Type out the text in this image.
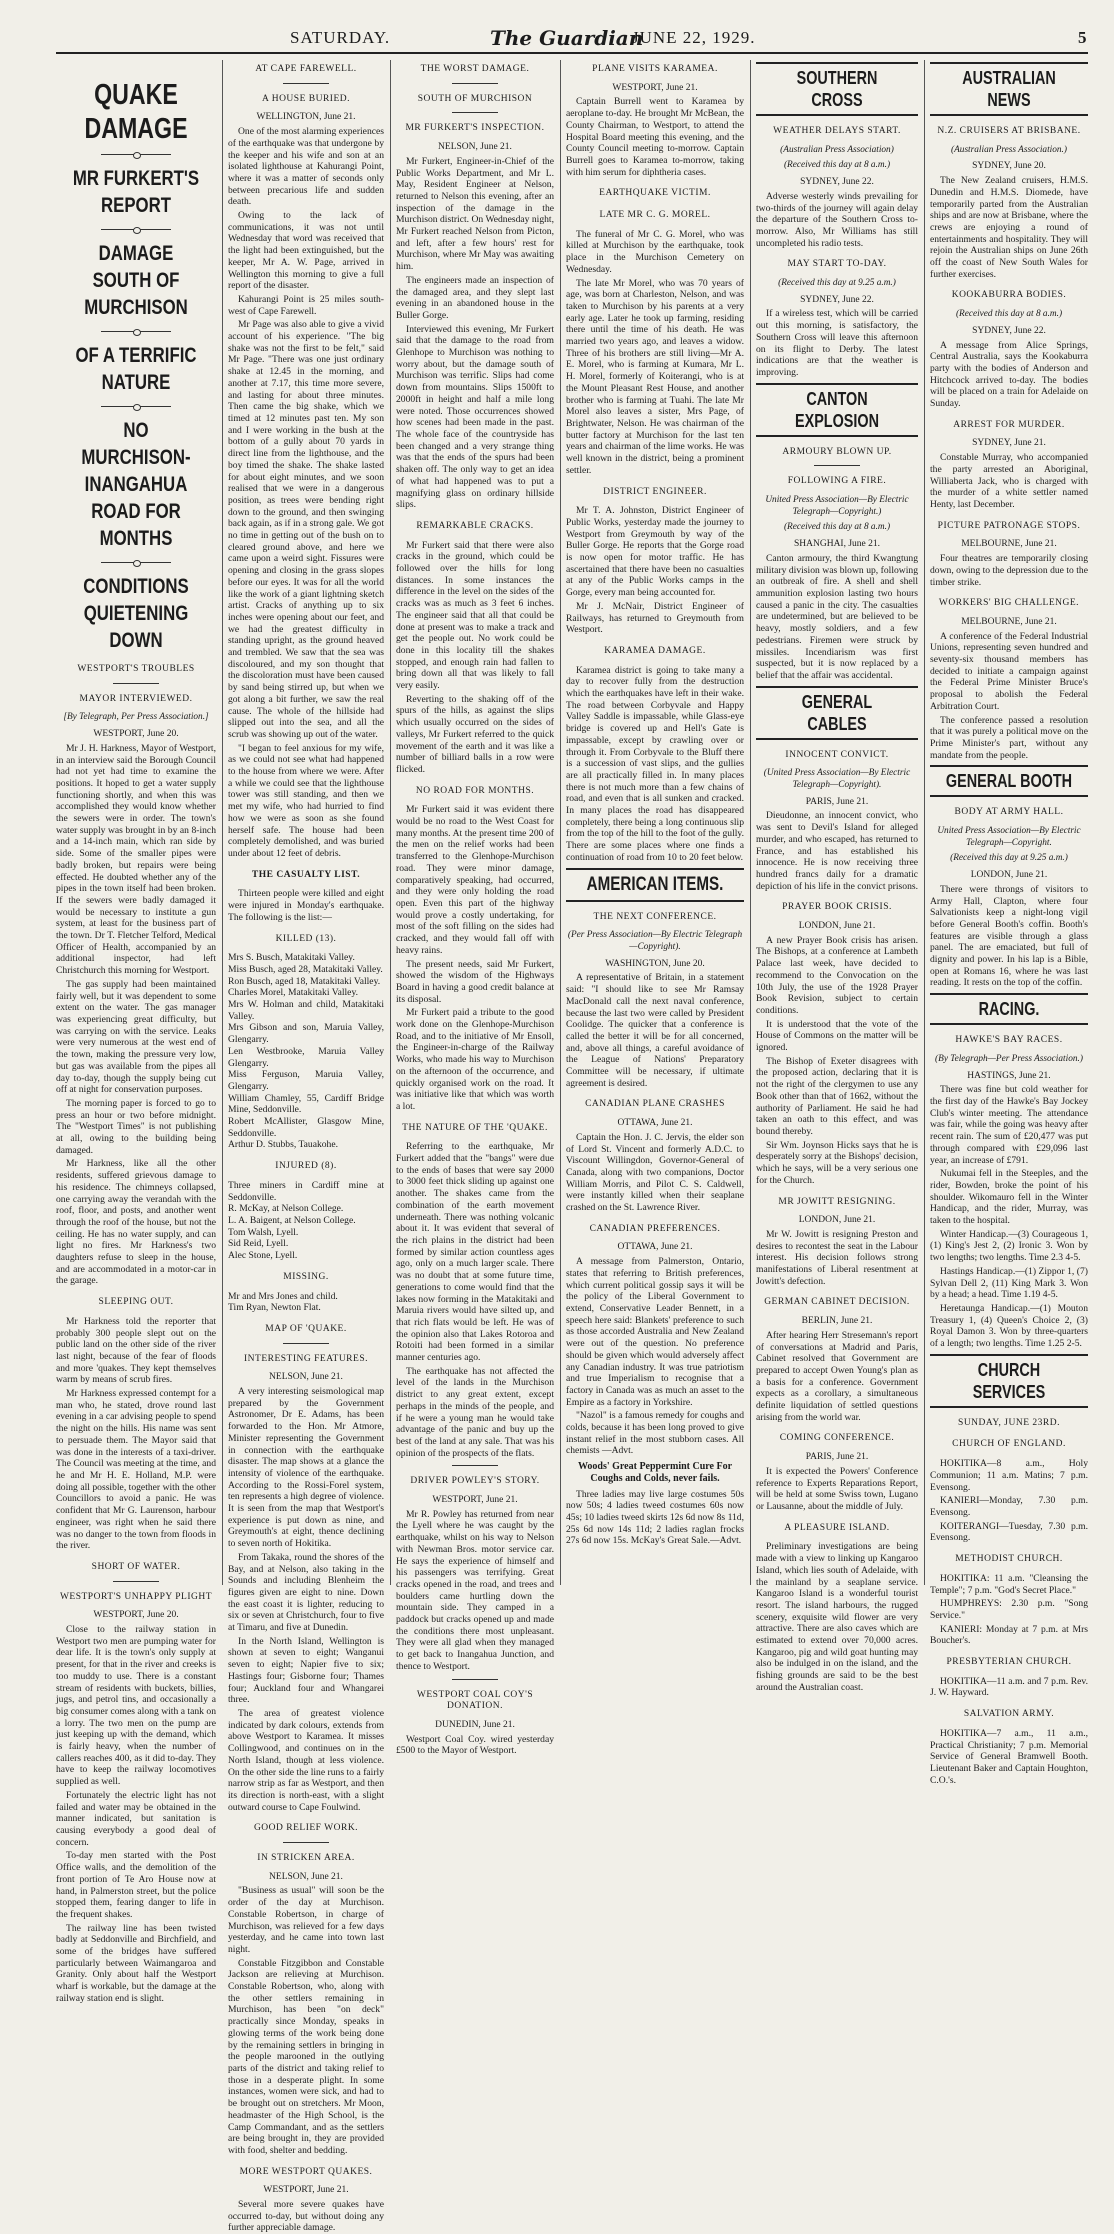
SATURDAY.	The Guardian
JUNE 22, 1929.	5
QUAKE DAMAGE
MR FURKERT'S REPORT
DAMAGE SOUTH OF MURCHISON
OF A TERRIFIC NATURE
NO MURCHISON-INANGAHUA ROAD FOR MONTHS
CONDITIONS QUIETENING DOWN
WESTPORT'S TROUBLES
MAYOR INTERVIEWED.
[By Telegraph, Per Press Association.]
WESTPORT, June 20.

Mr J. H. Harkness, Mayor of Westport, in an interview said the Borough Council had not yet had time to examine the positions. It hoped to get a water supply functioning shortly, and when this was accomplished they would know whether the sewers were in order. The town's water supply was brought in by an 8-inch and a 14-inch main, which ran side by side. Some of the smaller pipes were badly broken, but repairs were being effected. He doubted whether any of the pipes in the town itself had been broken. If the sewers were badly damaged it would be necessary to institute a gun system, at least for the business part of the town. Dr T. Fletcher Telford, Medical Officer of Health, accompanied by an additional inspector, had left Christchurch this morning for Westport.

The gas supply had been maintained fairly well, but it was dependent to some extent on the water. The gas manager was experiencing great difficulty, but was carrying on with the service. Leaks were very numerous at the west end of the town, making the pressure very low, but gas was available from the pipes all day to-day, though the supply being cut off at night for conservation purposes.

The morning paper is forced to go to press an hour or two before midnight. The "Westport Times" is not publishing at all, owing to the building being damaged.

Mr Harkness, like all the other residents, suffered grievous damage to his residence. The chimneys collapsed, one carrying away the verandah with the roof, floor, and posts, and another went through the roof of the house, but not the ceiling. He has no water supply, and can light no fires. Mr Harkness's two daughters refuse to sleep in the house, and are accommodated in a motor-car in the garage.

SLEEPING OUT.

Mr Harkness told the reporter that probably 300 people slept out on the public land on the other side of the river last night, because of the fear of floods and more 'quakes. They kept themselves warm by means of scrub fires.

Mr Harkness expressed contempt for a man who, he stated, drove round last evening in a car advising people to spend the night on the hills. His name was sent to persuade them. The Mayor said that was done in the interests of a taxi-driver. The Council was meeting at the time, and he and Mr H. E. Holland, M.P. were doing all possible, together with the other Councillors to avoid a panic. He was confident that Mr G. Laurenson, harbour engineer, was right when he said there was no danger to the town from floods in the river.

SHORT OF WATER.
WESTPORT'S UNHAPPY PLIGHT
WESTPORT, June 20.

Close to the railway station in Westport two men are pumping water for dear life. It is the town's only supply at present, for that in the river and creeks is too muddy to use. There is a constant stream of residents with buckets, billies, jugs, and petrol tins, and occasionally a big consumer comes along with a tank on a lorry. The two men on the pump are just keeping up with the demand, which is fairly heavy, when the number of callers reaches 400, as it did to-day. They have to keep the railway locomotives supplied as well.

Fortunately the electric light has not failed and water may be obtained in the manner indicated, but sanitation is causing everybody a good deal of concern.

To-day men started with the Post Office walls, and the demolition of the front portion of Te Aro House now at hand, in Palmerston street, but the police stopped them, fearing danger to life in the frequent shakes.

The railway line has been twisted badly at Seddonville and Birchfield, and some of the bridges have suffered particularly between Waimangaroa and Granity. Only about half the Westport wharf is workable, but the damage at the railway station end is slight.

AT CAPE FAREWELL.
A HOUSE BURIED.
WELLINGTON, June 21.

One of the most alarming experiences of the earthquake was that undergone by the keeper and his wife and son at an isolated lighthouse at Kahurangi Point, where it was a matter of seconds only between precarious life and sudden death.

Owing to the lack of communications, it was not until Wednesday that word was received that the light had been extinguished, but the keeper, Mr A. W. Page, arrived in Wellington this morning to give a full report of the disaster.

Kahurangi Point is 25 miles south-west of Cape Farewell.

Mr Page was also able to give a vivid account of his experience. "The big shake was not the first to be felt," said Mr Page. "There was one just ordinary shake at 12.45 in the morning, and another at 7.17, this time more severe, and lasting for about three minutes. Then came the big shake, which we timed at 12 minutes past ten. My son and I were working in the bush at the bottom of a gully about 70 yards in direct line from the lighthouse, and the boy timed the shake. The shake lasted for about eight minutes, and we soon realised that we were in a dangerous position, as trees were bending right down to the ground, and then swinging back again, as if in a strong gale. We got no time in getting out of the bush on to cleared ground above, and here we came upon a weird sight. Fissures were opening and closing in the grass slopes before our eyes. It was for all the world like the work of a giant lightning sketch artist. Cracks of anything up to six inches were opening about our feet, and we had the greatest difficulty in standing upright, as the ground heaved and trembled. We saw that the sea was discoloured, and my son thought that the discoloration must have been caused by sand being stirred up, but when we got along a bit further, we saw the real cause. The whole of the hillside had slipped out into the sea, and all the scrub was showing up out of the water.

"I began to feel anxious for my wife, as we could not see what had happened to the house from where we were. After a while we could see that the lighthouse tower was still standing, and then we met my wife, who had hurried to find how we were as soon as she found herself safe. The house had been completely demolished, and was buried under about 12 feet of debris.

THE CASUALTY LIST.

Thirteen people were killed and eight were injured in Monday's earthquake. The following is the list:—

KILLED (13).

Mrs S. Busch, Matakitaki Valley.

Miss Busch, aged 28, Matakitaki Valley.

Ron Busch, aged 18, Matakitaki Valley.

Charles Morel, Matakitaki Valley.

Mrs W. Holman and child, Matakitaki Valley.

Mrs Gibson and son, Maruia Valley, Glengarry.

Len Westbrooke, Maruia Valley Glengarry.

Miss Ferguson, Maruia Valley, Glengarry.

William Chamley, 55, Cardiff Bridge Mine, Seddonville.

Robert McAllister, Glasgow Mine, Seddonville.

Arthur D. Stubbs, Tauakohe.

INJURED (8).

Three miners in Cardiff mine at Seddonville.

R. McKay, at Nelson College.

L. A. Baigent, at Nelson College.

Tom Walsh, Lyell.

Sid Reid, Lyell.

Alec Stone, Lyell.

MISSING.

Mr and Mrs Jones and child.

Tim Ryan, Newton Flat.

MAP OF 'QUAKE.
INTERESTING FEATURES.
NELSON, June 21.

A very interesting seismological map prepared by the Government Astronomer, Dr E. Adams, has been forwarded to the Hon. Mr Atmore, Minister representing the Government in connection with the earthquake disaster. The map shows at a glance the intensity of violence of the earthquake. According to the Rossi-Forel system, ten represents a high degree of violence. It is seen from the map that Westport's experience is put down as nine, and Greymouth's at eight, thence declining to seven north of Hokitika.

From Takaka, round the shores of the Bay, and at Nelson, also taking in the Sounds and including Blenheim the figures given are eight to nine. Down the east coast it is lighter, reducing to six or seven at Christchurch, four to five at Timaru, and five at Dunedin.

In the North Island, Wellington is shown at seven to eight; Wanganui seven to eight; Napier five to six; Hastings four; Gisborne four; Thames four; Auckland four and Whangarei three.

The area of greatest violence indicated by dark colours, extends from above Westport to Karamea. It misses Collingwood, and continues on in the North Island, though at less violence. On the other side the line runs to a fairly narrow strip as far as Westport, and then its direction is north-east, with a slight outward course to Cape Foulwind.

GOOD RELIEF WORK.
IN STRICKEN AREA.
NELSON, June 21.

"Business as usual" will soon be the order of the day at Murchison. Constable Robertson, in charge of Murchison, was relieved for a few days yesterday, and he came into town last night.

Constable Fitzgibbon and Constable Jackson are relieving at Murchison. Constable Robertson, who, along with the other settlers remaining in Murchison, has been "on deck" practically since Monday, speaks in glowing terms of the work being done by the remaining settlers in bringing in the people marooned in the outlying parts of the district and taking relief to those in a desperate plight. In some instances, women were sick, and had to be brought out on stretchers. Mr Moon, headmaster of the High School, is the Camp Commandant, and as the settlers are being brought in, they are provided with food, shelter and bedding.

MORE WESTPORT QUAKES.
WESTPORT, June 21.

Several more severe quakes have occurred to-day, but without doing any further appreciable damage.

THE WORST DAMAGE.
SOUTH OF MURCHISON
MR FURKERT'S INSPECTION.
NELSON, June 21.

Mr Furkert, Engineer-in-Chief of the Public Works Department, and Mr L. May, Resident Engineer at Nelson, returned to Nelson this evening, after an inspection of the damage in the Murchison district. On Wednesday night, Mr Furkert reached Nelson from Picton, and left, after a few hours' rest for Murchison, where Mr May was awaiting him.

The engineers made an inspection of the damaged area, and they slept last evening in an abandoned house in the Buller Gorge.

Interviewed this evening, Mr Furkert said that the damage to the road from Glenhope to Murchison was nothing to worry about, but the damage south of Murchison was terrific. Slips had come down from mountains. Slips 1500ft to 2000ft in height and half a mile long were noted. Those occurrences showed how scenes had been made in the past. The whole face of the countryside has been changed and a very strange thing was that the ends of the spurs had been shaken off. The only way to get an idea of what had happened was to put a magnifying glass on ordinary hillside slips.

REMARKABLE CRACKS.

Mr Furkert said that there were also cracks in the ground, which could be followed over the hills for long distances. In some instances the difference in the level on the sides of the cracks was as much as 3 feet 6 inches. The engineer said that all that could be done at present was to make a track and get the people out. No work could be done in this locality till the shakes stopped, and enough rain had fallen to bring down all that was likely to fall very easily.

Reverting to the shaking off of the spurs of the hills, as against the slips which usually occurred on the sides of valleys, Mr Furkert referred to the quick movement of the earth and it was like a number of billiard balls in a row were flicked.

NO ROAD FOR MONTHS.

Mr Furkert said it was evident there would be no road to the West Coast for many months. At the present time 200 of the men on the relief works had been transferred to the Glenhope-Murchison road. They were minor damage, comparatively speaking, had occurred, and they were only holding the road open. Even this part of the highway would prove a costly undertaking, for most of the soft filling on the sides had cracked, and they would fall off with heavy rains.

The present needs, said Mr Furkert, showed the wisdom of the Highways Board in having a good credit balance at its disposal.

Mr Furkert paid a tribute to the good work done on the Glenhope-Murchison Road, and to the initiative of Mr Ensoll, the Engineer-in-charge of the Railway Works, who made his way to Murchison on the afternoon of the occurrence, and quickly organised work on the road. It was initiative like that which was worth a lot.

THE NATURE OF THE 'QUAKE.

Referring to the earthquake, Mr Furkert added that the "bangs" were due to the ends of bases that were say 2000 to 3000 feet thick sliding up against one another. The shakes came from the combination of the earth movement underneath. There was nothing volcanic about it. It was evident that several of the rich plains in the district had been formed by similar action countless ages ago, only on a much larger scale. There was no doubt that at some future time, generations to come would find that the lakes now forming in the Matakitaki and Maruia rivers would have silted up, and that rich flats would be left. He was of the opinion also that Lakes Rotoroa and Rotoiti had been formed in a similar manner centuries ago.

The earthquake has not affected the level of the lands in the Murchison district to any great extent, except perhaps in the minds of the people, and if he were a young man he would take advantage of the panic and buy up the best of the land at any sale. That was his opinion of the prospects of the flats.

DRIVER POWLEY'S STORY.
WESTPORT, June 21.

Mr R. Powley has returned from near the Lyell where he was caught by the earthquake, whilst on his way to Nelson with Newman Bros. motor service car. He says the experience of himself and his passengers was terrifying. Great cracks opened in the road, and trees and boulders came hurtling down the mountain side. They camped in a paddock but cracks opened up and made the conditions there most unpleasant. They were all glad when they managed to get back to Inangahua Junction, and thence to Westport.

WESTPORT COAL COY'S DONATION.
DUNEDIN, June 21.

Westport Coal Coy. wired yesterday £500 to the Mayor of Westport.

PLANE VISITS KARAMEA.
WESTPORT, June 21.

Captain Burrell went to Karamea by aeroplane to-day. He brought Mr McBean, the County Chairman, to Westport, to attend the Hospital Board meeting this evening, and the County Council meeting to-morrow. Captain Burrell goes to Karamea to-morrow, taking with him serum for diphtheria cases.

EARTHQUAKE VICTIM.
LATE MR C. G. MOREL.

The funeral of Mr C. G. Morel, who was killed at Murchison by the earthquake, took place in the Murchison Cemetery on Wednesday.

The late Mr Morel, who was 70 years of age, was born at Charleston, Nelson, and was taken to Murchison by his parents at a very early age. Later he took up farming, residing there until the time of his death. He was married two years ago, and leaves a widow. Three of his brothers are still living—Mr A. E. Morel, who is farming at Kumara, Mr L. H. Morel, formerly of Koiterangi, who is at the Mount Pleasant Rest House, and another brother who is farming at Tuahi. The late Mr Morel also leaves a sister, Mrs Page, of Brightwater, Nelson. He was chairman of the butter factory at Murchison for the last ten years and chairman of the lime works. He was well known in the district, being a prominent settler.

DISTRICT ENGINEER.

Mr T. A. Johnston, District Engineer of Public Works, yesterday made the journey to Westport from Greymouth by way of the Buller Gorge. He reports that the Gorge road is now open for motor traffic. He has ascertained that there have been no casualties at any of the Public Works camps in the Gorge, every man being accounted for.

Mr J. McNair, District Engineer of Railways, has returned to Greymouth from Westport.

KARAMEA DAMAGE.

Karamea district is going to take many a day to recover fully from the destruction which the earthquakes have left in their wake. The road between Corbyvale and Happy Valley Saddle is impassable, while Glass-eye bridge is covered up and Hell's Gate is impassable, except by crawling over or through it. From Corbyvale to the Bluff there is a succession of vast slips, and the gullies are all practically filled in. In many places there is not much more than a few chains of road, and even that is all sunken and cracked. In many places the road has disappeared completely, there being a long continuous slip from the top of the hill to the foot of the gully. There are some places where one finds a continuation of road from 10 to 20 feet below.

AMERICAN ITEMS.
THE NEXT CONFERENCE.
(Per Press Association—By Electric Telegraph—Copyright).
WASHINGTON, June 20.

A representative of Britain, in a statement said: "I should like to see Mr Ramsay MacDonald call the next naval conference, because the last two were called by President Coolidge. The quicker that a conference is called the better it will be for all concerned, and, above all things, a careful avoidance of the League of Nations' Preparatory Committee will be necessary, if ultimate agreement is desired.

CANADIAN PLANE CRASHES
OTTAWA, June 21.

Captain the Hon. J. C. Jervis, the elder son of Lord St. Vincent and formerly A.D.C. to Viscount Willingdon, Governor-General of Canada, along with two companions, Doctor William Morris, and Pilot C. S. Caldwell, were instantly killed when their seaplane crashed on the St. Lawrence River.

CANADIAN PREFERENCES.
OTTAWA, June 21.

A message from Palmerston, Ontario, states that referring to British preferences, which current political gossip says it will be the policy of the Liberal Government to extend, Conservative Leader Bennett, in a speech here said: Blankets' preference to such as those accorded Australia and New Zealand were out of the question. No preference should be given which would adversely affect any Canadian industry. It was true patriotism and true Imperialism to recognise that a factory in Canada was as much an asset to the Empire as a factory in Yorkshire.

"Nazol" is a famous remedy for coughs and colds, because it has been long proved to give instant relief in the most stubborn cases. All chemists —Advt.

Woods' Great Peppermint Cure For Coughs and Colds, never fails.

Three ladies may live large costumes 50s now 50s; 4 ladies tweed costumes 60s now 45s; 10 ladies tweed skirts 12s 6d now 8s 11d, 25s 6d now 14s 11d; 2 ladies raglan frocks 27s 6d now 15s. McKay's Great Sale.—Advt.

SOUTHERN CROSS
WEATHER DELAYS START.
(Australian Press Association)
(Received this day at 8 a.m.)
SYDNEY, June 22.

Adverse westerly winds prevailing for two-thirds of the journey will again delay the departure of the Southern Cross to-morrow. Also, Mr Williams has still uncompleted his radio tests.

MAY START TO-DAY.
(Received this day at 9.25 a.m.)
SYDNEY, June 22.

If a wireless test, which will be carried out this morning, is satisfactory, the Southern Cross will leave this afternoon on its flight to Derby. The latest indications are that the weather is improving.

CANTON EXPLOSION
ARMOURY BLOWN UP.
FOLLOWING A FIRE.
United Press Association—By Electric Telegraph—Copyright.)
(Received this day at 8 a.m.)
SHANGHAI, June 21.

Canton armoury, the third Kwangtung military division was blown up, following an outbreak of fire. A shell and shell ammunition explosion lasting two hours caused a panic in the city. The casualties are undetermined, but are believed to be heavy, mostly soldiers, and a few pedestrians. Firemen were struck by missiles. Incendiarism was first suspected, but it is now replaced by a belief that the affair was accidental.

GENERAL CABLES
INNOCENT CONVICT.
(United Press Association—By Electric Telegraph—Copyright).
PARIS, June 21.

Dieudonne, an innocent convict, who was sent to Devil's Island for alleged murder, and who escaped, has returned to France, and has established his innocence. He is now receiving three hundred francs daily for a dramatic depiction of his life in the convict prisons.

PRAYER BOOK CRISIS.
LONDON, June 21.

A new Prayer Book crisis has arisen. The Bishops, at a conference at Lambeth Palace last week, have decided to recommend to the Convocation on the 10th July, the use of the 1928 Prayer Book Revision, subject to certain conditions.

It is understood that the vote of the House of Commons on the matter will be ignored.

The Bishop of Exeter disagrees with the proposed action, declaring that it is not the right of the clergymen to use any Book other than that of 1662, without the authority of Parliament. He said he had taken an oath to this effect, and was bound thereby.

Sir Wm. Joynson Hicks says that he is desperately sorry at the Bishops' decision, which he says, will be a very serious one for the Church.

MR JOWITT RESIGNING.
LONDON, June 21.

Mr W. Jowitt is resigning Preston and desires to recontest the seat in the Labour interest. His decision follows strong manifestations of Liberal resentment at Jowitt's defection.

GERMAN CABINET DECISION.
BERLIN, June 21.

After hearing Herr Stresemann's report of conversations at Madrid and Paris, Cabinet resolved that Government are prepared to accept Owen Young's plan as a basis for a conference. Government expects as a corollary, a simultaneous definite liquidation of settled questions arising from the world war.

COMING CONFERENCE.
PARIS, June 21.

It is expected the Powers' Conference reference to Experts Reparations Report, will be held at some Swiss town, Lugano or Lausanne, about the middle of July.

A PLEASURE ISLAND.

Preliminary investigations are being made with a view to linking up Kangaroo Island, which lies south of Adelaide, with the mainland by a seaplane service. Kangaroo Island is a wonderful tourist resort. The island harbours, the rugged scenery, exquisite wild flower are very attractive. There are also caves which are estimated to extend over 70,000 acres. Kangaroo, pig and wild goat hunting may also be indulged in on the island, and the fishing grounds are said to be the best around the Australian coast.

AUSTRALIAN NEWS
N.Z. CRUISERS AT BRISBANE.
(Australian Press Association.)
SYDNEY, June 20.

The New Zealand cruisers, H.M.S. Dunedin and H.M.S. Diomede, have temporarily parted from the Australian ships and are now at Brisbane, where the crews are enjoying a round of entertainments and hospitality. They will rejoin the Australian ships on June 26th off the coast of New South Wales for further exercises.

KOOKABURRA BODIES.
(Received this day at 8 a.m.)
SYDNEY, June 22.

A message from Alice Springs, Central Australia, says the Kookaburra party with the bodies of Anderson and Hitchcock arrived to-day. The bodies will be placed on a train for Adelaide on Sunday.

ARREST FOR MURDER.
SYDNEY, June 21.

Constable Murray, who accompanied the party arrested an Aboriginal, Williaberta Jack, who is charged with the murder of a white settler named Henty, last December.

PICTURE PATRONAGE STOPS.
MELBOURNE, June 21.

Four theatres are temporarily closing down, owing to the depression due to the timber strike.

WORKERS' BIG CHALLENGE.
MELBOURNE, June 21.

A conference of the Federal Industrial Unions, representing seven hundred and seventy-six thousand members has decided to initiate a campaign against the Federal Prime Minister Bruce's proposal to abolish the Federal Arbitration Court.

The conference passed a resolution that it was purely a political move on the Prime Minister's part, without any mandate from the people.

GENERAL BOOTH
BODY AT ARMY HALL.
United Press Association—By Electric Telegraph—Copyright.
(Received this day at 9.25 a.m.)
LONDON, June 21.

There were throngs of visitors to Army Hall, Clapton, where four Salvationists keep a night-long vigil before General Booth's coffin. Booth's features are visible through a glass panel. The are emaciated, but full of dignity and power. In his lap is a Bible, open at Romans 16, where he was last reading. It rests on the top of the coffin.

RACING.
HAWKE'S BAY RACES.
(By Telegraph—Per Press Association.)
HASTINGS, June 21.

There was fine but cold weather for the first day of the Hawke's Bay Jockey Club's winter meeting. The attendance was fair, while the going was heavy after recent rain. The sum of £20,477 was put through compared with £29,096 last year, an increase of £791.

Nukumai fell in the Steeples, and the rider, Bowden, broke the point of his shoulder. Wikomauro fell in the Winter Handicap, and the rider, Murray, was taken to the hospital.

Winter Handicap.—(3) Courageous 1, (1) King's Jest 2, (2) Ironic 3. Won by two lengths; two lengths. Time 2.3 4-5.

Hastings Handicap.—(1) Zippor 1, (7) Sylvan Dell 2, (11) King Mark 3. Won by a head; a head. Time 1.19 4-5.

Heretaunga Handicap.—(1) Mouton Treasury 1, (4) Queen's Choice 2, (3) Royal Damon 3. Won by three-quarters of a length; two lengths. Time 1.25 2-5.

CHURCH SERVICES
SUNDAY, JUNE 23RD.
CHURCH OF ENGLAND.

HOKITIKA—8 a.m., Holy Communion; 11 a.m. Matins; 7 p.m. Evensong.

KANIERI—Monday, 7.30 p.m. Evensong.

KOITERANGI—Tuesday, 7.30 p.m. Evensong.

METHODIST CHURCH.

HOKITIKA: 11 a.m. "Cleansing the Temple"; 7 p.m. "God's Secret Place."

HUMPHREYS: 2.30 p.m. "Song Service."

KANIERI: Monday at 7 p.m. at Mrs Boucher's.

PRESBYTERIAN CHURCH.

HOKITIKA—11 a.m. and 7 p.m. Rev. J. W. Hayward.

SALVATION ARMY.

HOKITIKA—7 a.m., 11 a.m., Practical Christianity; 7 p.m. Memorial Service of General Bramwell Booth. Lieutenant Baker and Captain Houghton, C.O.'s.
